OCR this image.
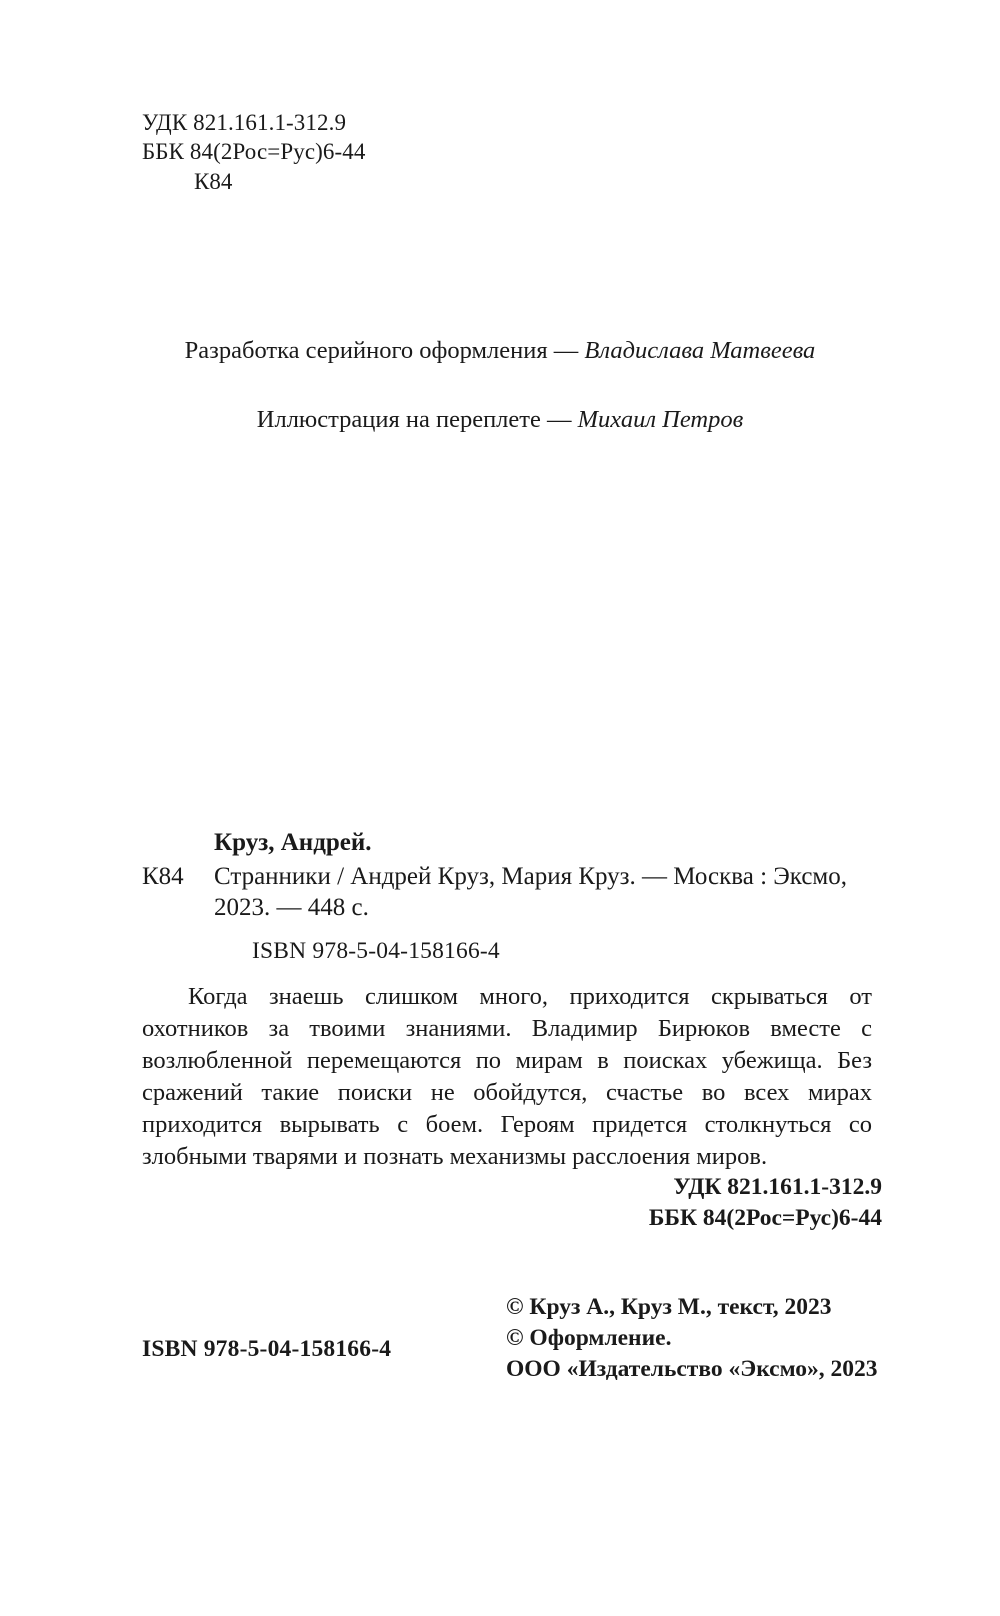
УДК 821.161.1-312.9
ББК 84(2Рос=Рус)6-44
К84
Разработка серийного оформления — Владислава Матвеева
Иллюстрация на переплете — Михаил Петров
Круз, Андрей.
К84 Странники / Андрей Круз, Мария Круз. — Москва : Эксмо, 2023. — 448 с.
ISBN 978-5-04-158166-4
Когда знаешь слишком много, приходится скрываться от охотников за твоими знаниями. Владимир Бирюков вместе с возлюбленной перемещаются по мирам в поисках убежища. Без сражений такие поиски не обойдутся, счастье во всех мирах приходится вырывать с боем. Героям придется столкнуться со злобными тварями и познать механизмы расслоения миров.
УДК 821.161.1-312.9
ББК 84(2Рос=Рус)6-44
© Круз А., Круз М., текст, 2023
© Оформление.
ООО «Издательство «Эксмо», 2023
ISBN 978-5-04-158166-4
